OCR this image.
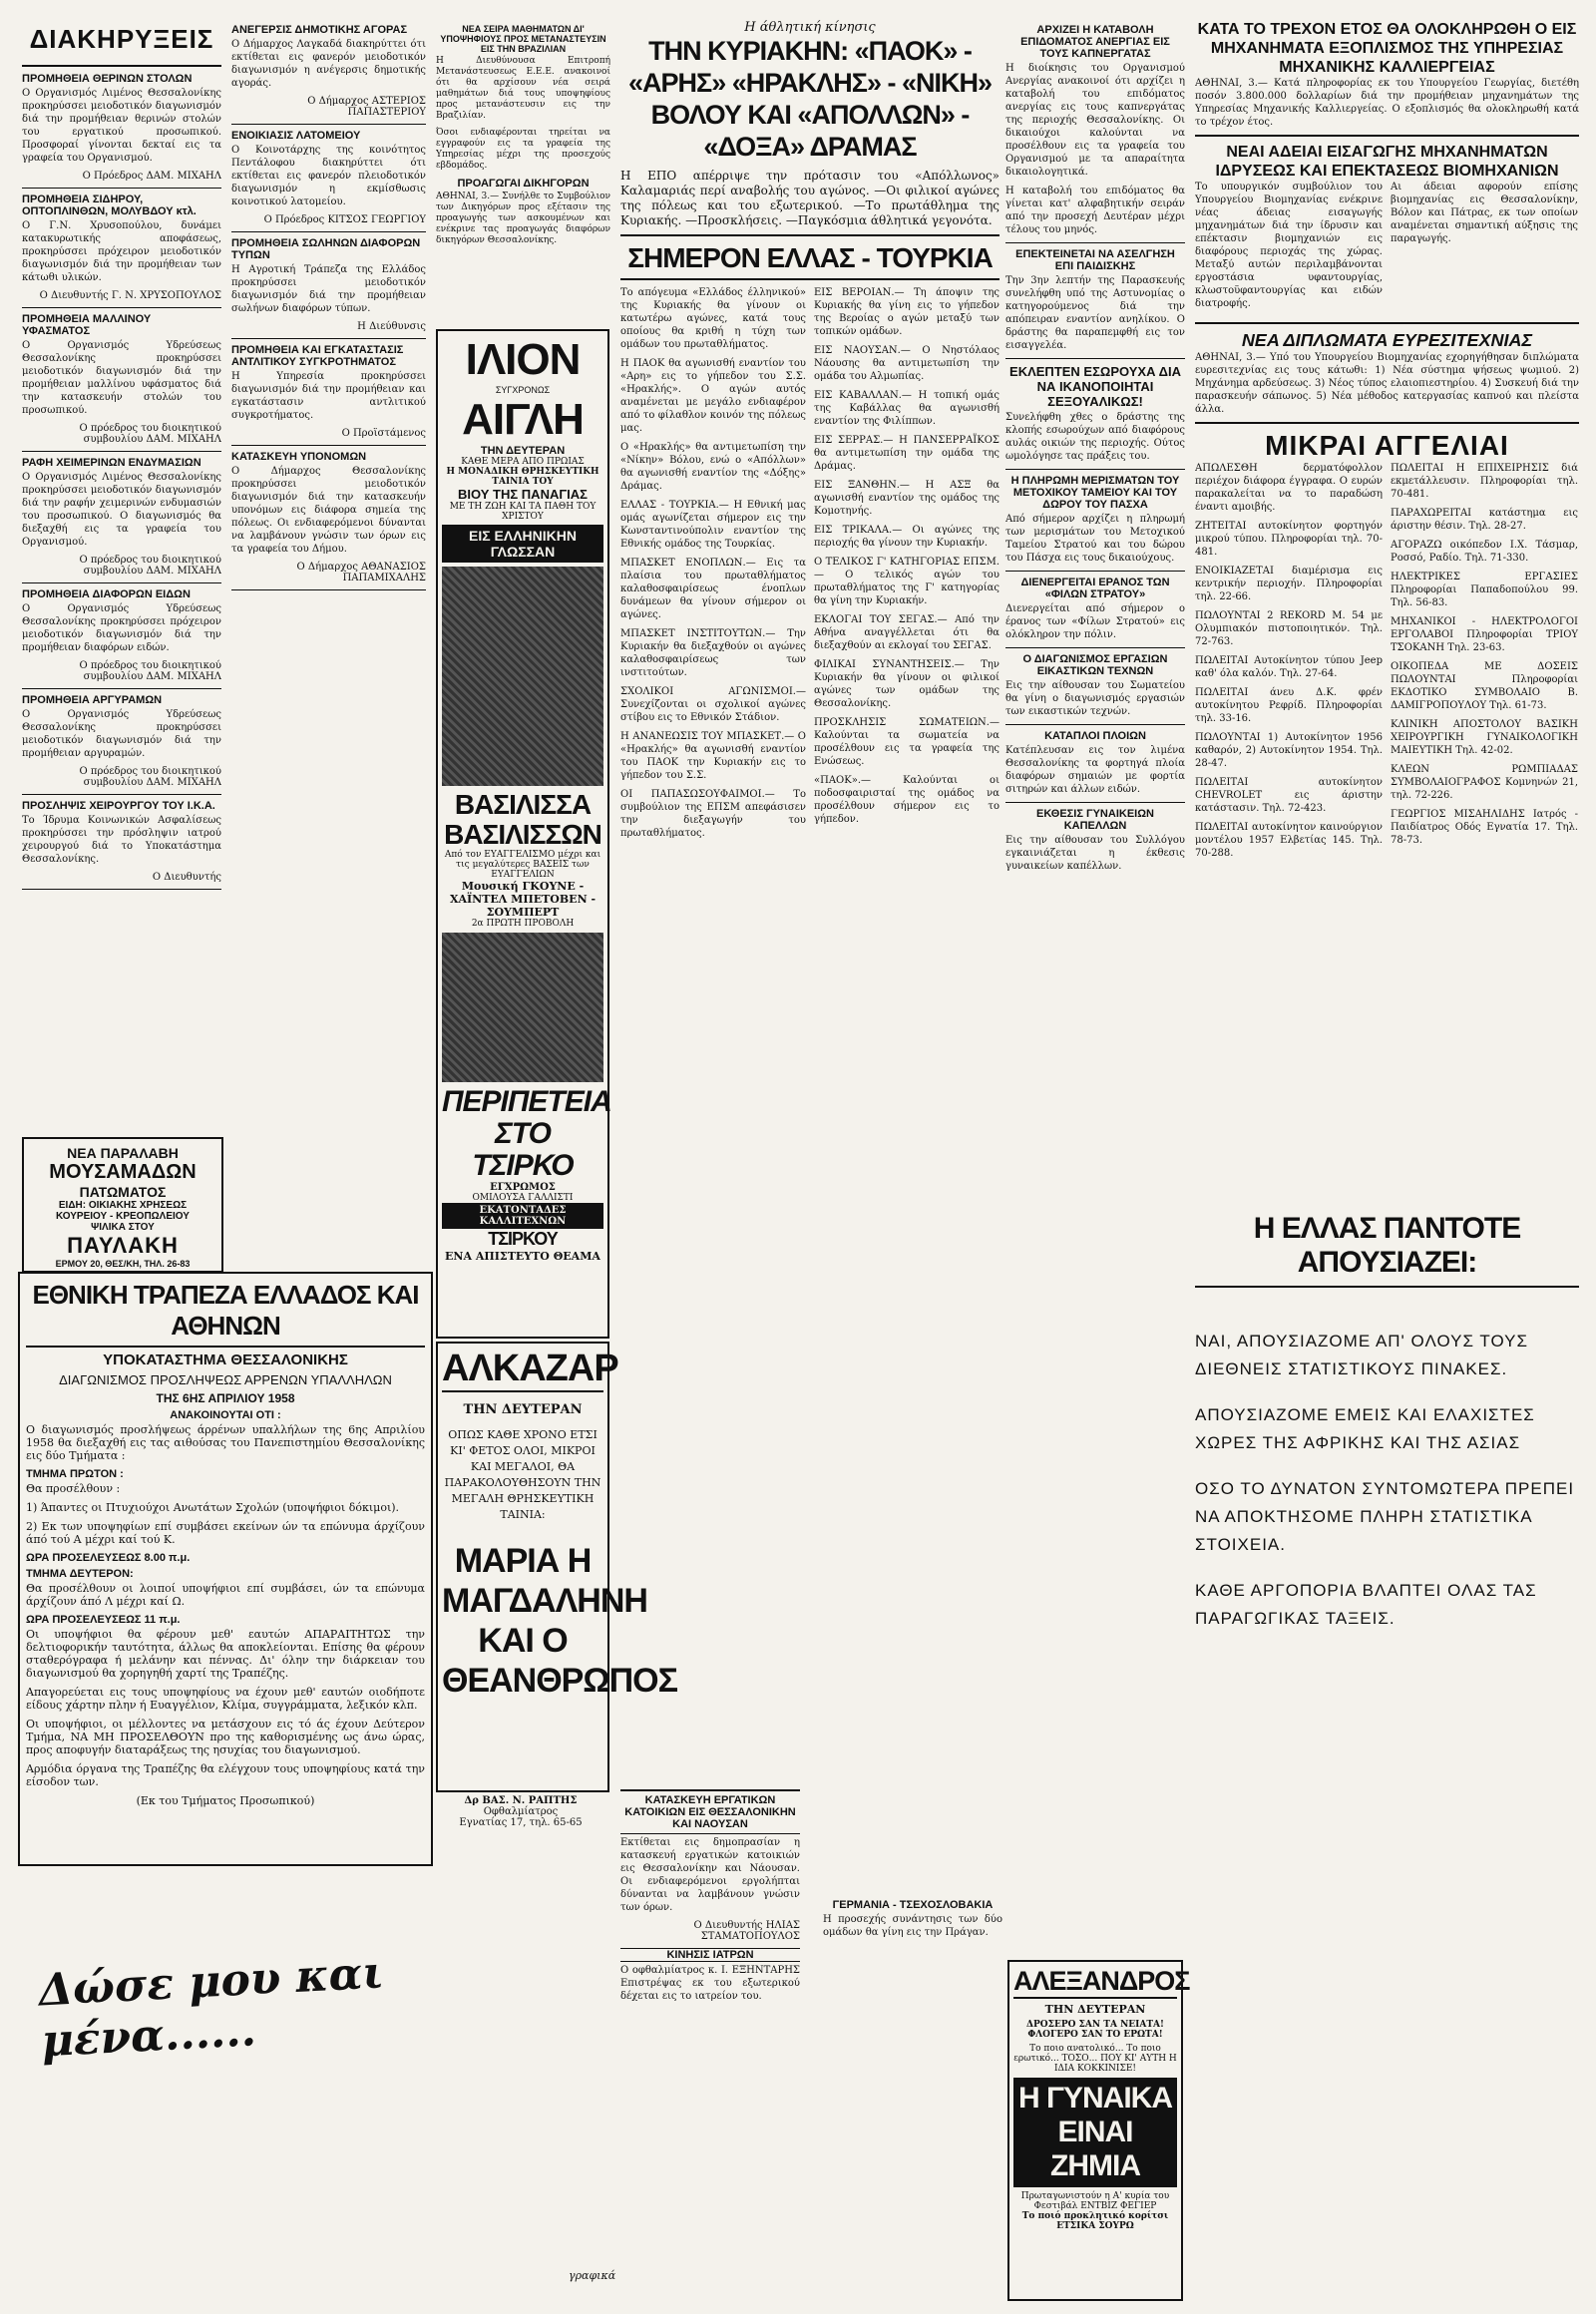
ΔΙΑΚΗΡΥΞΕΙΣ
ΠΡΟΜΗΘΕΙΑ ΘΕΡΙΝΩΝ ΣΤΟΛΩΝ

Ο Οργανισμός Λιμένος Θεσσαλονίκης προκηρύσσει μειοδοτικόν διαγωνισμόν διά την προμήθειαν θερινών στολών του εργατικού προσωπικού. Προσφοραί γίνονται δεκταί εις τα γραφεία του Οργανισμού.

Ο Πρόεδρος ΔΑΜ. ΜΙΧΑΗΛ
ΠΡΟΜΗΘΕΙΑ ΣΙΔΗΡΟΥ, ΟΠΤΟΠΛΙΝΘΩΝ, ΜΟΛΥΒΔΟΥ κτλ.

Ο Γ.Ν. Χρυσοπούλου, δυνάμει κατακυρωτικής αποφάσεως, προκηρύσσει πρόχειρον μειοδοτικόν διαγωνισμόν διά την προμήθειαν των κάτωθι υλικών.

Ο Διευθυντής Γ. Ν. ΧΡΥΣΟΠΟΥΛΟΣ
ΠΡΟΜΗΘΕΙΑ ΜΑΛΛΙΝΟΥ ΥΦΑΣΜΑΤΟΣ

Ο Οργανισμός Υδρεύσεως Θεσσαλονίκης προκηρύσσει μειοδοτικόν διαγωνισμόν διά την προμήθειαν μαλλίνου υφάσματος διά την κατασκευήν στολών του προσωπικού.

Ο πρόεδρος του διοικητικού συμβουλίου ΔΑΜ. ΜΙΧΑΗΛ
ΡΑΦΗ ΧΕΙΜΕΡΙΝΩΝ ΕΝΔΥΜΑΣΙΩΝ

Ο Οργανισμός Λιμένος Θεσσαλονίκης προκηρύσσει μειοδοτικόν διαγωνισμόν διά την ραφήν χειμερινών ενδυμασιών του προσωπικού. Ο διαγωνισμός θα διεξαχθή εις τα γραφεία του Οργανισμού.

Ο πρόεδρος του διοικητικού συμβουλίου ΔΑΜ. ΜΙΧΑΗΛ
ΠΡΟΜΗΘΕΙΑ ΔΙΑΦΟΡΩΝ ΕΙΔΩΝ

Ο Οργανισμός Υδρεύσεως Θεσσαλονίκης προκηρύσσει πρόχειρον μειοδοτικόν διαγωνισμόν διά την προμήθειαν διαφόρων ειδών.

Ο πρόεδρος του διοικητικού συμβουλίου ΔΑΜ. ΜΙΧΑΗΛ
ΠΡΟΜΗΘΕΙΑ ΑΡΓΥΡΑΜΩΝ

Ο Οργανισμός Υδρεύσεως Θεσσαλονίκης προκηρύσσει μειοδοτικόν διαγωνισμόν διά την προμήθειαν αργυραμών.

Ο πρόεδρος του διοικητικού συμβουλίου ΔΑΜ. ΜΙΧΑΗΛ
ΠΡΟΣΛΗΨΙΣ ΧΕΙΡΟΥΡΓΟΥ ΤΟΥ Ι.Κ.Α.

Το Ίδρυμα Κοινωνικών Ασφαλίσεως προκηρύσσει την πρόσληψιν ιατρού χειρουργού διά το Υποκατάστημα Θεσσαλονίκης.

Ο Διευθυντής
ΝΕΑ ΠΑΡΑΛΑΒΗ
ΜΟΥΣΑΜΑΔΩΝ
ΠΑΤΩΜΑΤΟΣ
ΕΙΔΗ: ΟΙΚΙΑΚΗΣ ΧΡΗΣΕΩΣ
ΚΟΥΡΕΙΟΥ - ΚΡΕΟΠΩΛΕΙΟΥ
ΨΙΛΙΚΑ ΣΤΟΥ
ΠΑΥΛΑΚΗ
ΕΡΜΟΥ 20, ΘΕΣ/ΚΗ, ΤΗΛ. 26-83
ΑΝΕΓΕΡΣΙΣ ΔΗΜΟΤΙΚΗΣ ΑΓΟΡΑΣ

Ο Δήμαρχος Λαγκαδά διακηρύττει ότι εκτίθεται εις φανερόν μειοδοτικόν διαγωνισμόν η ανέγερσις δημοτικής αγοράς.

Ο Δήμαρχος ΑΣΤΕΡΙΟΣ ΠΑΠΑΣΤΕΡΙΟΥ
ΕΝΟΙΚΙΑΣΙΣ ΛΑΤΟΜΕΙΟΥ

Ο Κοινοτάρχης της κοινότητος Πεντάλοφου διακηρύττει ότι εκτίθεται εις φανερόν πλειοδοτικόν διαγωνισμόν η εκμίσθωσις κοινοτικού λατομείου.

Ο Πρόεδρος ΚΙΤΣΟΣ ΓΕΩΡΓΙΟΥ
ΠΡΟΜΗΘΕΙΑ ΣΩΛΗΝΩΝ ΔΙΑΦΟΡΩΝ ΤΥΠΩΝ

Η Αγροτική Τράπεζα της Ελλάδος προκηρύσσει μειοδοτικόν διαγωνισμόν διά την προμήθειαν σωλήνων διαφόρων τύπων.

Η Διεύθυνσις
ΠΡΟΜΗΘΕΙΑ ΚΑΙ ΕΓΚΑΤΑΣΤΑΣΙΣ ΑΝΤΛΙΤΙΚΟΥ ΣΥΓΚΡΟΤΗΜΑΤΟΣ

Η Υπηρεσία προκηρύσσει διαγωνισμόν διά την προμήθειαν και εγκατάστασιν αντλιτικού συγκροτήματος.

Ο Προϊστάμενος
ΚΑΤΑΣΚΕΥΗ ΥΠΟΝΟΜΩΝ

Ο Δήμαρχος Θεσσαλονίκης προκηρύσσει μειοδοτικόν διαγωνισμόν διά την κατασκευήν υπονόμων εις διάφορα σημεία της πόλεως. Οι ενδιαφερόμενοι δύνανται να λαμβάνουν γνώσιν των όρων εις τα γραφεία του Δήμου.

Ο Δήμαρχος ΑΘΑΝΑΣΙΟΣ ΠΑΠΑΜΙΧΑΛΗΣ
ΕΘΝΙΚΗ ΤΡΑΠΕΖΑ ΕΛΛΑΔΟΣ ΚΑΙ ΑΘΗΝΩΝ
ΥΠΟΚΑΤΑΣΤΗΜΑ ΘΕΣΣΑΛΟΝΙΚΗΣ
ΔΙΑΓΩΝΙΣΜΟΣ ΠΡΟΣΛΗΨΕΩΣ ΑΡΡΕΝΩΝ ΥΠΑΛΛΗΛΩΝ
ΤΗΣ 6ΗΣ ΑΠΡΙΛΙΟΥ 1958
ΑΝΑΚΟΙΝΟΥΤΑΙ ΟΤΙ :

Ο διαγωνισμός προσλήψεως άρρένων υπαλλήλων της 6ης Απριλίου 1958 θα διεξαχθή εις τας αιθούσας του Πανεπιστημίου Θεσσαλονίκης εις δύο Τμήματα :

ΤΜΗΜΑ ΠΡΩΤΟΝ :

Θα προσέλθουν :

1) Άπαντες οι Πτυχιούχοι Ανωτάτων Σχολών (υποψήφιοι δόκιμοι).

2) Εκ των υποψηφίων επί συμβάσει εκείνων ών τα επώνυμα άρχίζουν άπό τού Α μέχρι καί τού Κ.

ΩΡΑ ΠΡΟΣΕΛΕΥΣΕΩΣ 8.00 π.μ.
ΤΜΗΜΑ ΔΕΥΤΕΡΟΝ:

Θα προσέλθουν οι λοιποί υποψήφιοι επί συμβάσει, ών τα επώνυμα άρχίζουν άπό Λ μέχρι καί Ω.

ΩΡΑ ΠΡΟΣΕΛΕΥΣΕΩΣ 11 π.μ.

Οι υποψήφιοι θα φέρουν μεθ' εαυτών ΑΠΑΡΑΙΤΗΤΩΣ την δελτιοφορικήν ταυτότητα, άλλως θα αποκλείονται. Επίσης θα φέρουν σταθερόγραφα ή μελάνην και πέννας. Δι' όλην την διάρκειαν του διαγωνισμού θα χορηγηθή χαρτί της Τραπέζης.

Απαγορεύεται εις τους υποψηφίους να έχουν μεθ' εαυτών οιοδήποτε είδους χάρτην πλην ή Ευαγγέλιον, Κλίμα, συγγράμματα, λεξικόν κλπ.

Οι υποψήφιοι, οι μέλλοντες να μετάσχουν εις τό άς έχουν Δεύτερον Τμήμα, ΝΑ ΜΗ ΠΡΟΣΕΛΘΟΥΝ προ της καθορισμένης ως άνω ώρας, προς αποφυγήν διαταράξεως της ησυχίας του διαγωνισμού.

Αρμόδια όργανα της Τραπέζης θα ελέγχουν τους υποψηφίους κατά την είσοδον των.

(Εκ του Τμήματος Προσωπικού)
Δώσε μου και μένα......
γραφικά
ΝΕΑ ΣΕΙΡΑ ΜΑΘΗΜΑΤΩΝ ΔΙ' ΥΠΟΨΗΦΙΟΥΣ ΠΡΟΣ ΜΕΤΑΝΑΣΤΕΥΣΙΝ ΕΙΣ ΤΗΝ ΒΡΑΖΙΛΙΑΝ

Η Διευθύνουσα Επιτροπή Μετανάστευσεως Ε.Ε.Ε. ανακοινοί ότι θα αρχίσουν νέα σειρά μαθημάτων διά τους υποψηφίους προς μετανάστευσιν εις την Βραζιλίαν.

Όσοι ενδιαφέρονται τηρείται να εγγραφούν εις τα γραφεία της Υπηρεσίας μέχρι της προσεχούς εβδομάδος.

ΠΡΟΑΓΩΓΑΙ ΔΙΚΗΓΟΡΩΝ

ΑΘΗΝΑΙ, 3.— Συνήλθε το Συμβούλιον των Δικηγόρων προς εξέτασιν της προαγωγής των ασκουμένων και ενέκρινε τας προαγωγάς διαφόρων δικηγόρων Θεσσαλονίκης.

ΙΛΙΟΝ
ΣΥΓΧΡΟΝΩΣ
ΑΙΓΛΗ
ΤΗΝ ΔΕΥΤΕΡΑΝ
ΚΑΘΕ ΜΕΡΑ ΑΠΟ ΠΡΩΙΑΣ
Η ΜΟΝΑΔΙΚΗ ΘΡΗΣΚΕΥΤΙΚΗ ΤΑΙΝΙΑ ΤΟΥ
ΒΙΟΥ ΤΗΣ ΠΑΝΑΓΙΑΣ
ΜΕ ΤΗ ΖΩΗ ΚΑΙ ΤΑ ΠΑΘΗ ΤΟΥ ΧΡΙΣΤΟΥ
ΕΙΣ ΕΛΛΗΝΙΚΗΝ ΓΛΩΣΣΑΝ
ΒΑΣΙΛΙΣΣΑ ΒΑΣΙΛΙΣΣΩΝ
Από τον ΕΥΑΓΓΕΛΙΣΜΟ μέχρι και τις μεγαλύτερες ΒΑΣΕΙΣ των ΕΥΑΓΓΕΛΙΩΝ
Μουσική ΓΚΟΥΝΕ - ΧΑΪΝΤΕΛ ΜΠΕΤΟΒΕΝ - ΣΟΥΜΠΕΡΤ
2α ΠΡΩΤΗ ΠΡΟΒΟΛΗ
ΠΕΡΙΠΕΤΕΙΑ ΣΤΟ ΤΣΙΡΚΟ
ΕΓΧΡΩΜΟΣ
ΟΜΙΛΟΥΣΑ ΓΑΛΛΙΣΤΙ
ΕΚΑΤΟΝΤΑΔΕΣ ΚΑΛΛΙΤΕΧΝΩΝ
ΤΣΙΡΚΟΥ
ΕΝΑ ΑΠΙΣΤΕΥΤΟ ΘΕΑΜΑ
ΑΛΚΑΖΑΡ
ΤΗΝ ΔΕΥΤΕΡΑΝ
ΟΠΩΣ ΚΑΘΕ ΧΡΟΝΟ ΕΤΣΙ ΚΙ' ΦΕΤΟΣ ΟΛΟΙ, ΜΙΚΡΟΙ ΚΑΙ ΜΕΓΑΛΟΙ, ΘΑ ΠΑΡΑΚΟΛΟΥΘΗΣΟΥΝ ΤΗΝ ΜΕΓΑΛΗ ΘΡΗΣΚΕΥΤΙΚΗ ΤΑΙΝΙΑ:
ΜΑΡΙΑ Η ΜΑΓΔΑΛΗΝΗ ΚΑΙ Ο ΘΕΑΝΘΡΩΠΟΣ
Δρ ΒΑΣ. Ν. ΡΑΠΤΗΣ
Οφθαλμίατρος
Εγνατίας 17, τηλ. 65-65
Η άθλητική κίνησις
ΤΗΝ ΚΥΡΙΑΚΗΝ: «ΠΑΟΚ» - «ΑΡΗΣ» «ΗΡΑΚΛΗΣ» - «ΝΙΚΗ» ΒΟΛΟΥ ΚΑΙ «ΑΠΟΛΛΩΝ» - «ΔΟΞΑ» ΔΡΑΜΑΣ

Η ΕΠΟ απέρριψε την πρότασιν του «Απόλλωνος» Καλαμαριάς περί αναβολής του αγώνος. —Οι φιλικοί αγώνες της πόλεως και του εξωτερικού. —Το πρωτάθλημα της Κυριακής. —Προσκλήσεις. —Παγκόσμια άθλητικά γεγονότα.

ΣΗΜΕΡΟΝ ΕΛΛΑΣ - ΤΟΥΡΚΙΑ

Το απόγευμα «Ελλάδος έλληνικού» της Κυριακής θα γίνουν οι κατωτέρω αγώνες, κατά τους οποίους θα κριθή η τύχη των ομάδων του πρωταθλήματος.

Η ΠΑΟΚ θα αγωνισθή εναντίον του «Αρη» εις το γήπεδον του Σ.Σ. «Ηρακλής». Ο αγών αυτός αναμένεται με μεγάλο ενδιαφέρον από το φίλαθλον κοινόν της πόλεως μας.

Ο «Ηρακλής» θα αντιμετωπίση την «Νίκην» Βόλου, ενώ ο «Απόλλων» θα αγωνισθή εναντίον της «Δόξης» Δράμας.

ΕΛΛΑΣ - ΤΟΥΡΚΙΑ.— Η Εθνική μας ομάς αγωνίζεται σήμερον εις την Κωνσταντινούπολιν εναντίον της Εθνικής ομάδος της Τουρκίας.

ΜΠΑΣΚΕΤ ΕΝΟΠΛΩΝ.— Εις τα πλαίσια του πρωταθλήματος καλαθοσφαιρίσεως ένοπλων δυνάμεων θα γίνουν σήμερον οι αγώνες.

ΜΠΑΣΚΕΤ ΙΝΣΤΙΤΟΥΤΩΝ.— Την Κυριακήν θα διεξαχθούν οι αγώνες καλαθοσφαιρίσεως των ινστιτούτων.

ΣΧΟΛΙΚΟΙ ΑΓΩΝΙΣΜΟΙ.— Συνεχίζονται οι σχολικοί αγώνες στίβου εις το Εθνικόν Στάδιον.

Η ΑΝΑΝΕΩΣΙΣ ΤΟΥ ΜΠΑΣΚΕΤ.— Ο «Ηρακλής» θα αγωνισθή εναντίον του ΠΑΟΚ την Κυριακήν εις το γήπεδον του Σ.Σ.

ΟΙ ΠΑΠΑΣΩΣΟΥΦΑΙΜΟΙ.— Το συμβούλιον της ΕΠΣΜ απεφάσισεν την διεξαγωγήν του πρωταθλήματος.

ΕΙΣ ΒΕΡΟΙΑΝ.— Τη άποψιν της Κυριακής θα γίνη εις το γήπεδον της Βεροίας ο αγών μεταξύ των τοπικών ομάδων.

ΕΙΣ ΝΑΟΥΣΑΝ.— Ο Νηστόλαος Νάουσης θα αντιμετωπίση την ομάδα του Αλμωπίας.

ΕΙΣ ΚΑΒΑΛΛΑΝ.— Η τοπική ομάς της Καβάλλας θα αγωνισθή εναντίον της Φιλίππων.

ΕΙΣ ΣΕΡΡΑΣ.— Η ΠΑΝΣΕΡΡΑΪΚΟΣ θα αντιμετωπίση την ομάδα της Δράμας.

ΕΙΣ ΞΑΝΘΗΝ.— Η ΑΣΞ θα αγωνισθή εναντίον της ομάδος της Κομοτηνής.

ΕΙΣ ΤΡΙΚΑΛΑ.— Οι αγώνες της περιοχής θα γίνουν την Κυριακήν.

Ο ΤΕΛΙΚΟΣ Γ' ΚΑΤΗΓΟΡΙΑΣ ΕΠΣΜ.— Ο τελικός αγών του πρωταθλήματος της Γ' κατηγορίας θα γίνη την Κυριακήν.

ΕΚΛΟΓΑΙ ΤΟΥ ΣΕΓΑΣ.— Από την Αθήνα αναγγέλλεται ότι θα διεξαχθούν αι εκλογαί του ΣΕΓΑΣ.

ΦΙΛΙΚΑΙ ΣΥΝΑΝΤΗΣΕΙΣ.— Την Κυριακήν θα γίνουν οι φιλικοί αγώνες των ομάδων της Θεσσαλονίκης.

ΠΡΟΣΚΛΗΣΙΣ ΣΩΜΑΤΕΙΩΝ.— Καλούνται τα σωματεία να προσέλθουν εις τα γραφεία της Ενώσεως.

«ΠΑΟΚ».— Καλούνται οι ποδοσφαιρισταί της ομάδος να προσέλθουν σήμερον εις το γήπεδον.

ΚΑΤΑΣΚΕΥΗ ΕΡΓΑΤΙΚΩΝ ΚΑΤΟΙΚΙΩΝ ΕΙΣ ΘΕΣΣΑΛΟΝΙΚΗΝ ΚΑΙ ΝΑΟΥΣΑΝ

Εκτίθεται εις δημοπρασίαν η κατασκευή εργατικών κατοικιών εις Θεσσαλονίκην και Νάουσαν. Οι ενδιαφερόμενοι εργολήπται δύνανται να λαμβάνουν γνώσιν των όρων.

Ο Διευθυντής ΗΛΙΑΣ ΣΤΑΜΑΤΟΠΟΥΛΟΣ
ΚΙΝΗΣΙΣ ΙΑΤΡΩΝ

Ο οφθαλμίατρος κ. Ι. ΕΞΗΝΤΑΡΗΣ Επιστρέψας εκ του εξωτερικού δέχεται εις το ιατρείον του.

ΑΡΧΙΖΕΙ Η ΚΑΤΑΒΟΛΗ ΕΠΙΔΟΜΑΤΟΣ ΑΝΕΡΓΙΑΣ ΕΙΣ ΤΟΥΣ ΚΑΠΝΕΡΓΑΤΑΣ

Η διοίκησις του Οργανισμού Ανεργίας ανακοινοί ότι αρχίζει η καταβολή του επιδόματος ανεργίας εις τους καπνεργάτας της περιοχής Θεσσαλονίκης. Οι δικαιούχοι καλούνται να προσέλθουν εις τα γραφεία του Οργανισμού με τα απαραίτητα δικαιολογητικά.

Η καταβολή του επιδόματος θα γίνεται κατ' αλφαβητικήν σειράν από την προσεχή Δευτέραν μέχρι τέλους του μηνός.

ΕΠΕΚΤΕΙΝΕΤΑΙ ΝΑ ΑΣΕΛΓΗΣΗ ΕΠΙ ΠΑΙΔΙΣΚΗΣ

Την 3ην λεπτήν της Παρασκευής συνελήφθη υπό της Αστυνομίας ο κατηγορούμενος διά την απόπειραν εναντίον ανηλίκου. Ο δράστης θα παραπεμφθή εις τον εισαγγελέα.

ΕΚΛΕΠΤΕΝ ΕΣΩΡΟΥΧΑ ΔΙΑ ΝΑ ΙΚΑΝΟΠΟΙΗΤΑΙ ΣΕΞΟΥΑΛΙΚΩΣ!

Συνελήφθη χθες ο δράστης της κλοπής εσωρούχων από διαφόρους αυλάς οικιών της περιοχής. Ούτος ωμολόγησε τας πράξεις του.

Η ΠΛΗΡΩΜΗ ΜΕΡΙΣΜΑΤΩΝ ΤΟΥ ΜΕΤΟΧΙΚΟΥ ΤΑΜΕΙΟΥ ΚΑΙ ΤΟΥ ΔΩΡΟΥ ΤΟΥ ΠΑΣΧΑ

Από σήμερον αρχίζει η πληρωμή των μερισμάτων του Μετοχικού Ταμείου Στρατού και του δώρου του Πάσχα εις τους δικαιούχους.

ΔΙΕΝΕΡΓΕΙΤΑΙ ΕΡΑΝΟΣ ΤΩΝ «ΦΙΛΩΝ ΣΤΡΑΤΟΥ»

Διενεργείται από σήμερον ο έρανος των «Φίλων Στρατού» εις ολόκληρον την πόλιν.

Ο ΔΙΑΓΩΝΙΣΜΟΣ ΕΡΓΑΣΙΩΝ ΕΙΚΑΣΤΙΚΩΝ ΤΕΧΝΩΝ

Εις την αίθουσαν του Σωματείου θα γίνη ο διαγωνισμός εργασιών των εικαστικών τεχνών.

ΚΑΤΑΠΛΟΙ ΠΛΟΙΩΝ

Κατέπλευσαν εις τον λιμένα Θεσσαλονίκης τα φορτηγά πλοία διαφόρων σημαιών με φορτία σιτηρών και άλλων ειδών.

ΕΚΘΕΣΙΣ ΓΥΝΑΙΚΕΙΩΝ ΚΑΠΕΛΛΩΝ

Εις την αίθουσαν του Συλλόγου εγκαινιάζεται η έκθεσις γυναικείων καπέλλων.

ΓΕΡΜΑΝΙΑ - ΤΣΕΧΟΣΛΟΒΑΚΙΑ

Η προσεχής συνάντησις των δύο ομάδων θα γίνη εις την Πράγαν.

ΑΛΕΞΑΝΔΡΟΣ
ΤΗΝ ΔΕΥΤΕΡΑΝ
ΔΡΟΣΕΡΟ ΣΑΝ ΤΑ ΝΕΙΑΤΑ! ΦΛΟΓΕΡΟ ΣΑΝ ΤΟ ΕΡΩΤΑ!
Το ποιο ανατολικό... Το ποιο ερωτικό... ΤΟΣΟ... ΠΟΥ ΚΙ' ΑΥΤΗ Η ΙΔΙΑ ΚΟΚΚΙΝΙΣΕ!
Η ΓΥΝΑΙΚΑ ΕΙΝΑΙ ΖΗΜΙΑ
Πρωταγωνιστούν η Α' κυρία του Φεστιβάλ ΕΝΤΒΙΖ ΦΕΓΙΕΡ
Το ποιό προκλητικό κορίτσι ΕΤΣΙΚΑ ΣΟΥΡΩ
ΚΑΤΑ ΤΟ ΤΡΕΧΟΝ ΕΤΟΣ ΘΑ ΟΛΟΚΛΗΡΩΘΗ Ο ΕΙΣ ΜΗΧΑΝΗΜΑΤΑ ΕΞΟΠΛΙΣΜΟΣ ΤΗΣ ΥΠΗΡΕΣΙΑΣ ΜΗΧΑΝΙΚΗΣ ΚΑΛΛΙΕΡΓΕΙΑΣ

ΑΘΗΝΑΙ, 3.— Κατά πληροφορίας εκ του Υπουργείου Γεωργίας, διετέθη ποσόν 3.800.000 δολλαρίων διά την προμήθειαν μηχανημάτων της Υπηρεσίας Μηχανικής Καλλιεργείας. Ο εξοπλισμός θα ολοκληρωθή κατά το τρέχον έτος.

ΝΕΑΙ ΑΔΕΙΑΙ ΕΙΣΑΓΩΓΗΣ ΜΗΧΑΝΗΜΑΤΩΝ ΙΔΡΥΣΕΩΣ ΚΑΙ ΕΠΕΚΤΑΣΕΩΣ ΒΙΟΜΗΧΑΝΙΩΝ

Το υπουργικόν συμβούλιον του Υπουργείου Βιομηχανίας ενέκρινε νέας άδειας εισαγωγής μηχανημάτων διά την ίδρυσιν και επέκτασιν βιομηχανιών εις διαφόρους περιοχάς της χώρας. Μεταξύ αυτών περιλαμβάνονται εργοστάσια υφαντουργίας, κλωστοϋφαντουργίας και ειδών διατροφής.

Αι άδειαι αφορούν επίσης βιομηχανίας εις Θεσσαλονίκην, Βόλον και Πάτρας, εκ των οποίων αναμένεται σημαντική αύξησις της παραγωγής.

ΝΕΑ ΔΙΠΛΩΜΑΤΑ ΕΥΡΕΣΙΤΕΧΝΙΑΣ

ΑΘΗΝΑΙ, 3.— Υπό του Υπουργείου Βιομηχανίας εχορηγήθησαν διπλώματα ευρεσιτεχνίας εις τους κάτωθι: 1) Νέα σύστημα ψήσεως ψωμιού. 2) Μηχάνημα αρδεύσεως. 3) Νέος τύπος ελαιοπιεστηρίου. 4) Συσκευή διά την παρασκευήν σάπωνος. 5) Νέα μέθοδος κατεργασίας καπνού και πλείστα άλλα.

ΜΙΚΡΑΙ ΑΓΓΕΛΙΑΙ

ΑΠΩΛΕΣΘΗ δερματόφολλον περιέχον διάφορα έγγραφα. Ο ευρών παρακαλείται να το παραδώση έναντι αμοιβής.

ΖΗΤΕΙΤΑΙ αυτοκίνητον φορτηγόν μικρού τύπου. Πληροφορίαι τηλ. 70-481.

ΕΝΟΙΚΙΑΖΕΤΑΙ διαμέρισμα εις κεντρικήν περιοχήν. Πληροφορίαι τηλ. 22-66.

ΠΩΛΟΥΝΤΑΙ 2 REKORD Μ. 54 με Ολυμπιακόν πιστοποιητικόν. Τηλ. 72-763.

ΠΩΛΕΙΤΑΙ Αυτοκίνητον τύπου Jeep καθ' όλα καλόν. Τηλ. 27-64.

ΠΩΛΕΙΤΑΙ άνευ Δ.Κ. φρέν αυτοκίνητου Ρεφρίδ. Πληροφορίαι τηλ. 33-16.

ΠΩΛΟΥΝΤΑΙ 1) Αυτοκίνητον 1956 καθαρόν, 2) Αυτοκίνητον 1954. Τηλ. 28-47.

ΠΩΛΕΙΤΑΙ αυτοκίνητον CHEVROLET εις άριστην κατάστασιν. Τηλ. 72-423.

ΠΩΛΕΙΤΑΙ αυτοκίνητον καινούργιον μοντέλου 1957 Ελβετίας 145. Τηλ. 70-288.

ΠΩΛΕΙΤΑΙ Η ΕΠΙΧΕΙΡΗΣΙΣ διά εκμετάλλευσιν. Πληροφορίαι τηλ. 70-481.

ΠΑΡΑΧΩΡΕΙΤΑΙ κατάστημα εις άριστην θέσιν. Τηλ. 28-27.

ΑΓΟΡΑΖΩ οικόπεδον Ι.Χ. Τάσμαρ, Ροσσό, Ραδίο. Τηλ. 71-330.

ΗΛΕΚΤΡΙΚΕΣ ΕΡΓΑΣΙΕΣ Πληροφορίαι Παπαδοπούλου 99. Τηλ. 56-83.

ΜΗΧΑΝΙΚΟΙ - ΗΛΕΚΤΡΟΛΟΓΟΙ ΕΡΓΟΛΑΒΟΙ Πληροφορίαι ΤΡΙΟΥ ΤΣΟΚΑΝΗ Τηλ. 23-63.

ΟΙΚΟΠΕΔΑ ΜΕ ΔΟΣΕΙΣ ΠΩΛΟΥΝΤΑΙ Πληροφορίαι ΕΚΔΟΤΙΚΟ ΣΥΜΒΟΛΑΙΟ Β. ΔΑΜΙΓΡΟΠΟΥΛΟΥ Τηλ. 61-73.

ΚΛΙΝΙΚΗ ΑΠΟΣΤΟΛΟΥ ΒΑΣΙΚΗ ΧΕΙΡΟΥΡΓΙΚΗ ΓΥΝΑΙΚΟΛΟΓΙΚΗ ΜΑΙΕΥΤΙΚΗ Τηλ. 42-02.

ΚΛΕΩΝ ΡΩΜΠΙΑΔΑΣ ΣΥΜΒΟΛΑΙΟΓΡΑΦΟΣ Κομνηνών 21, τηλ. 72-226.

ΓΕΩΡΓΙΟΣ ΜΙΣΑΗΛΙΔΗΣ Ιατρός - Παιδίατρος Οδός Εγνατία 17. Τηλ. 78-73.

Η ΕΛΛΑΣ ΠΑΝΤΟΤΕ ΑΠΟΥΣΙΑΖΕΙ:

ΝΑΙ, ΑΠΟΥΣΙΑΖΟΜΕ ΑΠ' ΟΛΟΥΣ ΤΟΥΣ ΔΙΕΘΝΕΙΣ ΣΤΑΤΙΣΤΙΚΟΥΣ ΠΙΝΑΚΕΣ.

ΑΠΟΥΣΙΑΖΟΜΕ ΕΜΕΙΣ ΚΑΙ ΕΛΑΧΙΣΤΕΣ ΧΩΡΕΣ ΤΗΣ ΑΦΡΙΚΗΣ ΚΑΙ ΤΗΣ ΑΣΙΑΣ

ΟΣΟ ΤΟ ΔΥΝΑΤΟΝ ΣΥΝΤΟΜΩΤΕΡΑ ΠΡΕΠΕΙ ΝΑ ΑΠΟΚΤΗΣΟΜΕ ΠΛΗΡΗ ΣΤΑΤΙΣΤΙΚΑ ΣΤΟΙΧΕΙΑ.

ΚΑΘΕ ΑΡΓΟΠΟΡΙΑ ΒΛΑΠΤΕΙ ΟΛΑΣ ΤΑΣ ΠΑΡΑΓΩΓΙΚΑΣ ΤΑΞΕΙΣ.
